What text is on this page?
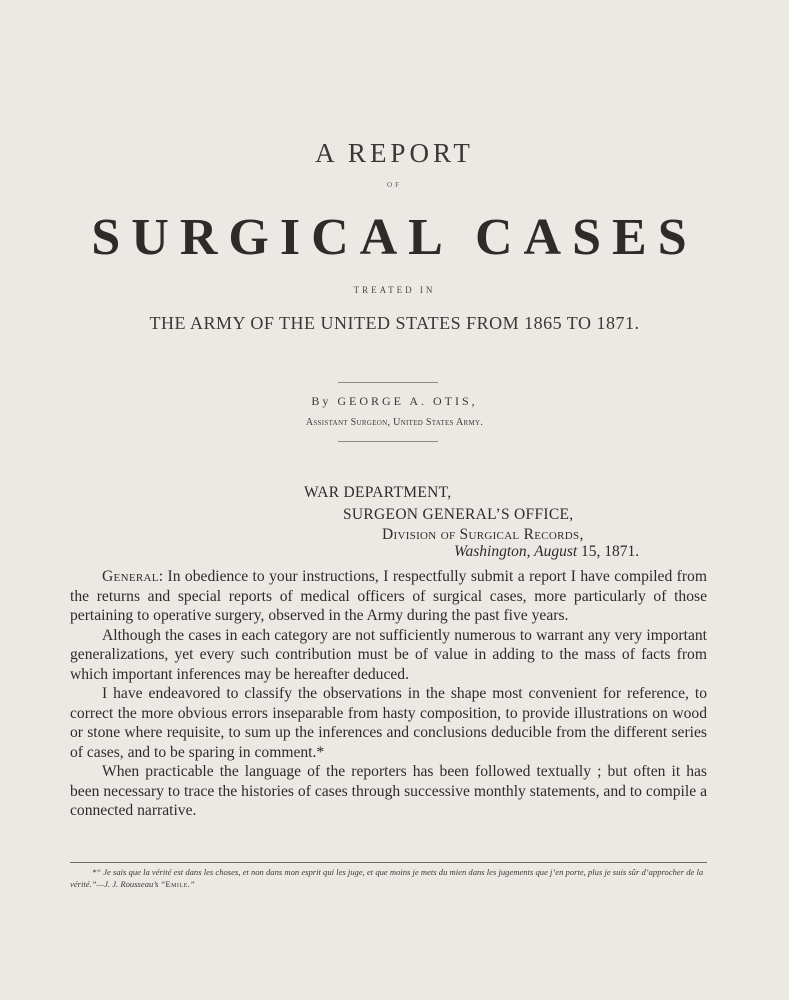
A REPORT
OF
SURGICAL CASES
TREATED IN
THE ARMY OF THE UNITED STATES FROM 1865 TO 1871.
By GEORGE A. OTIS,
Assistant Surgeon, United States Army.
WAR DEPARTMENT,
SURGEON GENERAL’S OFFICE,
Division of Surgical Records,
Washington, August 15, 1871.

General: In obedience to your instructions, I respectfully submit a report I have compiled from the returns and special reports of medical officers of surgical cases, more particularly of those pertaining to operative surgery, observed in the Army during the past five years.

Although the cases in each category are not sufficiently numerous to warrant any very important generalizations, yet every such contribution must be of value in adding to the mass of facts from which important inferences may be hereafter deduced.

I have endeavored to classify the observations in the shape most convenient for reference, to correct the more obvious errors inseparable from hasty composition, to provide illustrations on wood or stone where requisite, to sum up the inferences and conclusions deducible from the different series of cases, and to be sparing in comment.*

When practicable the language of the reporters has been followed textually ; but often it has been necessary to trace the histories of cases through successive monthly statements, and to compile a connected narrative.

*“ Je sais que la vérité est dans les choses, et non dans mon esprit qui les juge, et que moins je mets du mien dans les jugements que j’en porte, plus je suis sûr d’approcher de la vérité.”—J. J. Rousseau’s “Emile.”
